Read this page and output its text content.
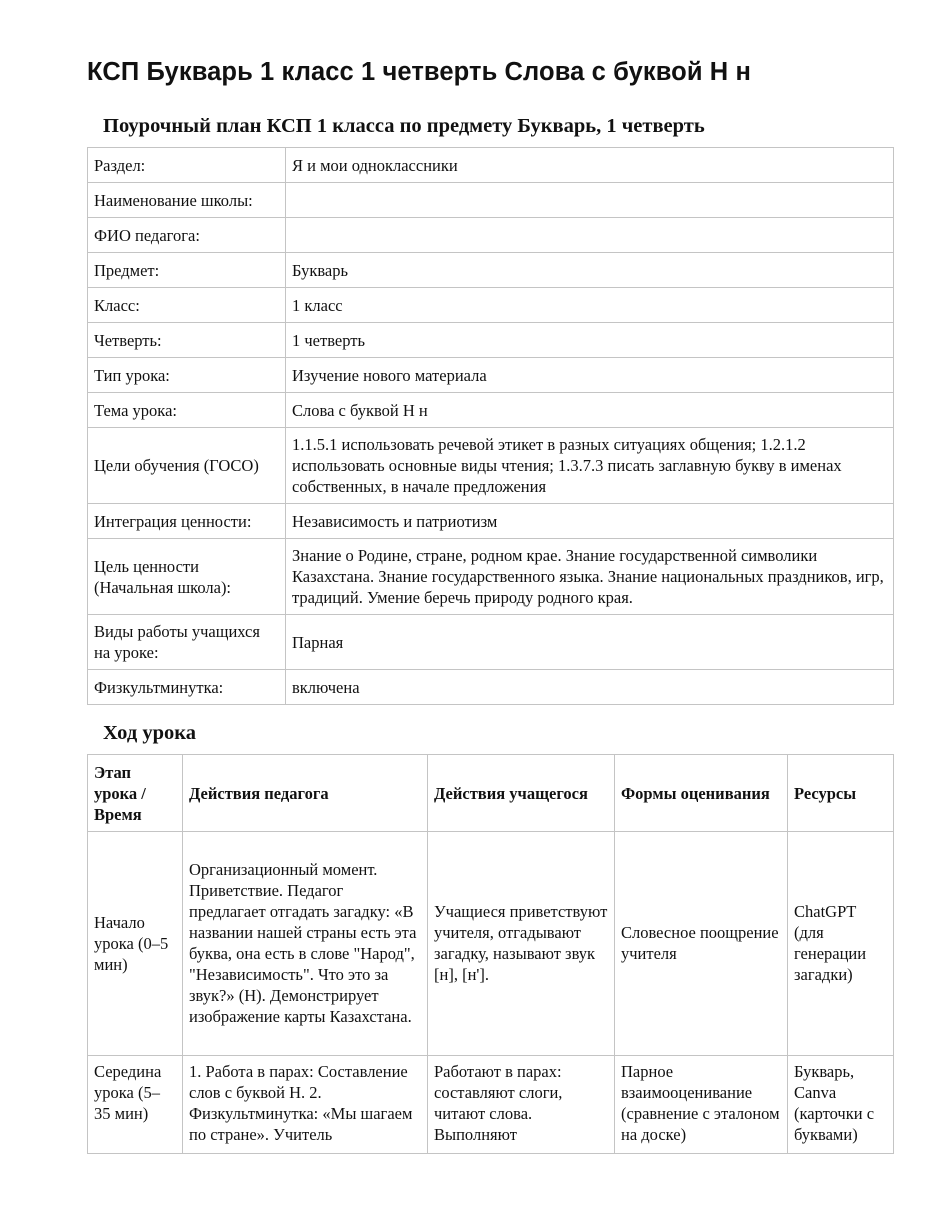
КСП Букварь 1 класс 1 четверть Слова с буквой Н н
Поурочный план КСП 1 класса по предмету Букварь, 1 четверть
Раздел:	Я и мои одноклассники
Наименование школы:	
ФИО педагога:	
Предмет:	Букварь
Класс:	1 класс
Четверть:	1 четверть
Тип урока:	Изучение нового материала
Тема урока:	Слова с буквой Н н
Цели обучения (ГОСО)	1.1.5.1 использовать речевой этикет в разных ситуациях общения; 1.2.1.2 использовать основные виды чтения; 1.3.7.3 писать заглавную букву в именах собственных, в начале предложения
Интеграция ценности:	Независимость и патриотизм
Цель ценности (Начальная школа):	Знание о Родине, стране, родном крае. Знание государственной символики Казахстана. Знание государственного языка. Знание национальных праздников, игр, традиций. Умение беречь природу родного края.
Виды работы учащихся на уроке:	Парная
Физкультминутка:	включена
Ход урока
Этап урока / Время	Действия педагога	Действия учащегося	Формы оценивания	Ресурсы
Начало урока (0–5 мин)	Организационный момент. Приветствие. Педагог предлагает отгадать загадку: «В названии нашей страны есть эта буква, она есть в слове "Народ", "Независимость". Что это за звук?» (Н). Демонстрирует изображение карты Казахстана.	Учащиеся приветствуют учителя, отгадывают загадку, называют звук [н], [н'].	Словесное поощрение учителя	ChatGPT (для генерации загадки)
Середина урока (5–35 мин)	1. Работа в парах: Составление слов с буквой Н. 2. Физкультминутка: «Мы шагаем по стране». Учитель	Работают в парах: составляют слоги, читают слова. Выполняют	Парное взаимооценивание (сравнение с эталоном на доске)	Букварь, Canva (карточки с буквами)
